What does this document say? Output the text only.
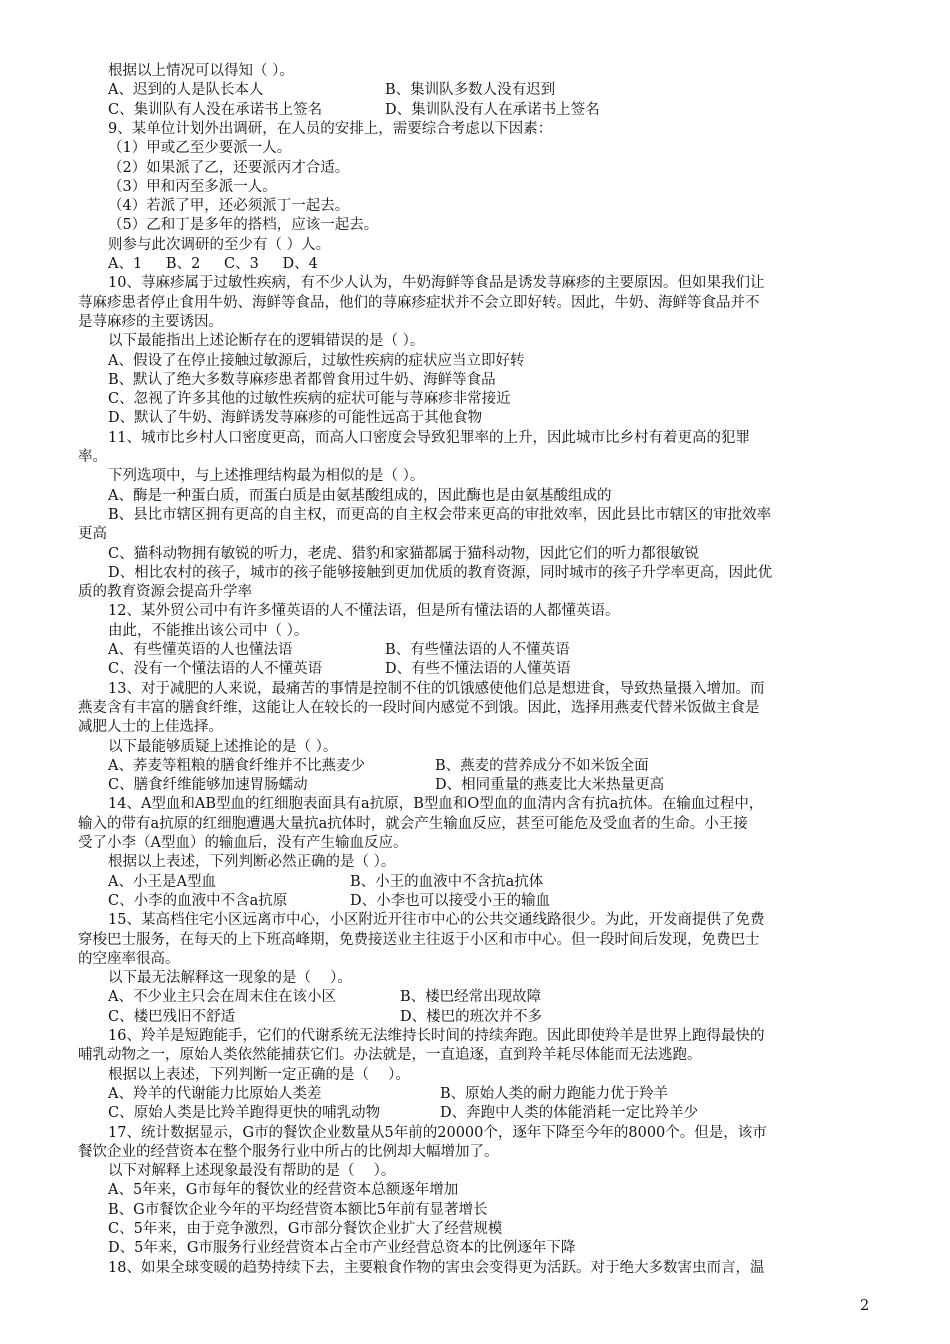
根据以上情况可以得知（ ）。
A、迟到的人是队长本人	B、集训队多数人没有迟到
C、集训队有人没在承诺书上签名	D、集训队没有人在承诺书上签名
9、某单位计划外出调研，在人员的安排上，需要综合考虑以下因素：
（1）甲或乙至少要派一人。
（2）如果派了乙，还要派丙才合适。
（3）甲和丙至多派一人。
（4）若派了甲，还必须派丁一起去。
（5）乙和丁是多年的搭档，应该一起去。
则参与此次调研的至少有（ ）人。
A、1　  B、2　  C、3　  D、4
10、荨麻疹属于过敏性疾病，有不少人认为，牛奶海鲜等食品是诱发荨麻疹的主要原因。但如果我们让
荨麻疹患者停止食用牛奶、海鲜等食品，他们的荨麻疹症状并不会立即好转。因此，牛奶、海鲜等食品并不
是荨麻疹的主要诱因。
以下最能指出上述论断存在的逻辑错误的是（ ）。
A、假设了在停止接触过敏源后，过敏性疾病的症状应当立即好转
B、默认了绝大多数荨麻疹患者都曾食用过牛奶、海鲜等食品
C、忽视了许多其他的过敏性疾病的症状可能与荨麻疹非常接近
D、默认了牛奶、海鲜诱发荨麻疹的可能性远高于其他食物
11、城市比乡村人口密度更高，而高人口密度会导致犯罪率的上升，因此城市比乡村有着更高的犯罪
率。
下列选项中，与上述推理结构最为相似的是（ ）。
A、酶是一种蛋白质，而蛋白质是由氨基酸组成的，因此酶也是由氨基酸组成的
B、县比市辖区拥有更高的自主权，而更高的自主权会带来更高的审批效率，因此县比市辖区的审批效率
更高
C、猫科动物拥有敏锐的听力，老虎、猎豹和家猫都属于猫科动物，因此它们的听力都很敏锐
D、相比农村的孩子，城市的孩子能够接触到更加优质的教育资源，同时城市的孩子升学率更高，因此优
质的教育资源会提高升学率
12、某外贸公司中有许多懂英语的人不懂法语，但是所有懂法语的人都懂英语。
由此，不能推出该公司中（ ）。
A、有些懂英语的人也懂法语	B、有些懂法语的人不懂英语
C、没有一个懂法语的人不懂英语	D、有些不懂法语的人懂英语
13、对于减肥的人来说，最痛苦的事情是控制不住的饥饿感使他们总是想进食，导致热量摄入增加。而
燕麦含有丰富的膳食纤维，这能让人在较长的一段时间内感觉不到饿。因此，选择用燕麦代替米饭做主食是
减肥人士的上佳选择。
以下最能够质疑上述推论的是（ ）。
A、荞麦等粗粮的膳食纤维并不比燕麦少	B、燕麦的营养成分不如米饭全面
C、膳食纤维能够加速胃肠蠕动	D、相同重量的燕麦比大米热量更高
14、A型血和AB型血的红细胞表面具有a抗原，B型血和O型血的血清内含有抗a抗体。在输血过程中，
输入的带有a抗原的红细胞遭遇大量抗a抗体时，就会产生输血反应，甚至可能危及受血者的生命。小王接
受了小李（A型血）的输血后，没有产生输血反应。
根据以上表述，下列判断必然正确的是（ ）。
A、小王是A型血	B、小王的血液中不含抗a抗体
C、小李的血液中不含a抗原	D、小李也可以接受小王的输血
15、某高档住宅小区远离市中心，小区附近开往市中心的公共交通线路很少。为此，开发商提供了免费
穿梭巴士服务，在每天的上下班高峰期，免费接送业主往返于小区和市中心。但一段时间后发现，免费巴士
的空座率很高。
以下最无法解释这一现象的是（　 ）。
A、不少业主只会在周末住在该小区	B、楼巴经常出现故障
C、楼巴残旧不舒适	D、楼巴的班次并不多
16、羚羊是短跑能手，它们的代谢系统无法维持长时间的持续奔跑。因此即使羚羊是世界上跑得最快的
哺乳动物之一，原始人类依然能捕获它们。办法就是，一直追逐，直到羚羊耗尽体能而无法逃跑。
根据以上表述，下列判断一定正确的是（　 ）。
A、羚羊的代谢能力比原始人类差	B、原始人类的耐力跑能力优于羚羊
C、原始人类是比羚羊跑得更快的哺乳动物	D、奔跑中人类的体能消耗一定比羚羊少
17、统计数据显示，G市的餐饮企业数量从5年前的20000个，逐年下降至今年的8000个。但是，该市
餐饮企业的经营资本在整个服务行业中所占的比例却大幅增加了。
以下对解释上述现象最没有帮助的是（　 ）。
A、5年来，G市每年的餐饮业的经营资本总额逐年增加
B、G市餐饮企业今年的平均经营资本额比5年前有显著增长
C、5年来，由于竞争激烈，G市部分餐饮企业扩大了经营规模
D、5年来，G市服务行业经营资本占全市产业经营总资本的比例逐年下降
18、如果全球变暖的趋势持续下去，主要粮食作物的害虫会变得更为活跃。对于绝大多数害虫而言，温
2
